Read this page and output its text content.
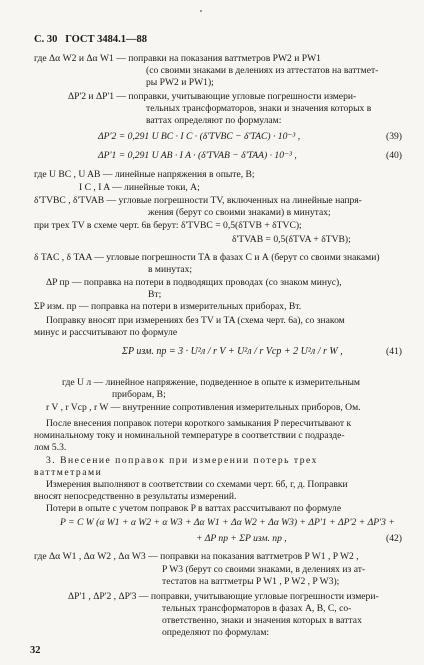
С. 30 ГОСТ 3484.1—88
где Δα W2 и Δα W1 — поправки на показания ваттметров PW2 и PW1
(со своими знаками в делениях из аттестатов на ваттмет-
ры PW2 и PW1);
ΔP'2 и ΔP'1 — поправки, учитывающие угловые погрешности измери-
тельных трансформаторов, знаки и значения которых в
ваттах определяют по формулам:
ΔP'2 = 0,291 U BC · I C · (δ'TVBC − δ'TAC) · 10⁻³ ,	(39)
ΔP'1 = 0,291 U AB · I A · (δ'TVAB − δ'TAA) · 10⁻³ ,	(40)
где U BC , U AB — линейные напряжения в опыте, В;
I C , I A — линейные токи, А;
δ'TVBC , δ'TVAB — угловые погрешности TV, включенных на линейные напря-
жения (берут со своими знаками) в минутах;
при трех TV в схеме черт. 6в берут: δ'TVBC = 0,5(δTVB + δTVC);
δ'TVAB = 0,5(δTVA + δTVB);
δ TAC , δ TAA — угловые погрешности ТА в фазах С и А (берут со своими знаками)
в минутах;
ΔP пр — поправка на потери в подводящих проводах (со знаком минус),
Вт;
ΣP изм. пр — поправка на потери в измерительных приборах, Вт.
Поправку вносят при измерениях без TV и TA (схема черт. 6а), со знаком
минус и рассчитывают по формуле
ΣP изм. пр = 3 · U²л / r V + U²л / r Vср + 2 U²л / r W ,	(41)
где U л — линейное напряжение, подведенное в опыте к измерительным
приборам, В;
r V , r Vср , r W — внутренние сопротивления измерительных приборов, Ом.
После внесения поправок потери короткого замыкания P пересчитывают к
номинальному току и номинальной температуре в соответствии с подразде-
лом 5.3.
3. Внесение поправок при измерении потерь трех
ваттметрами
Измерения выполняют в соответствии со схемами черт. 6б, г, д. Поправки
вносят непосредственно в результаты измерений.
Потери в опыте с учетом поправок P в ваттах рассчитывают по формуле
P = C W (α W1 + α W2 + α W3 + Δα W1 + Δα W2 + Δα W3) + ΔP'1 + ΔP'2 + ΔP'3 +
+ ΔP пр + ΣP изм. пр ,	(42)
где Δα W1 , Δα W2 , Δα W3 — поправки на показания ваттметров P W1 , P W2 ,
P W3 (берут со своими знаками, в делениях из ат-
тестатов на ваттметры P W1 , P W2 , P W3);
ΔP'1 , ΔP'2 , ΔP'3 — поправки, учитывающие угловые погрешности измери-
тельных трансформаторов в фазах А, В, С, со-
ответственно, знаки и значения которых в ваттах
определяют по формулам:
32
